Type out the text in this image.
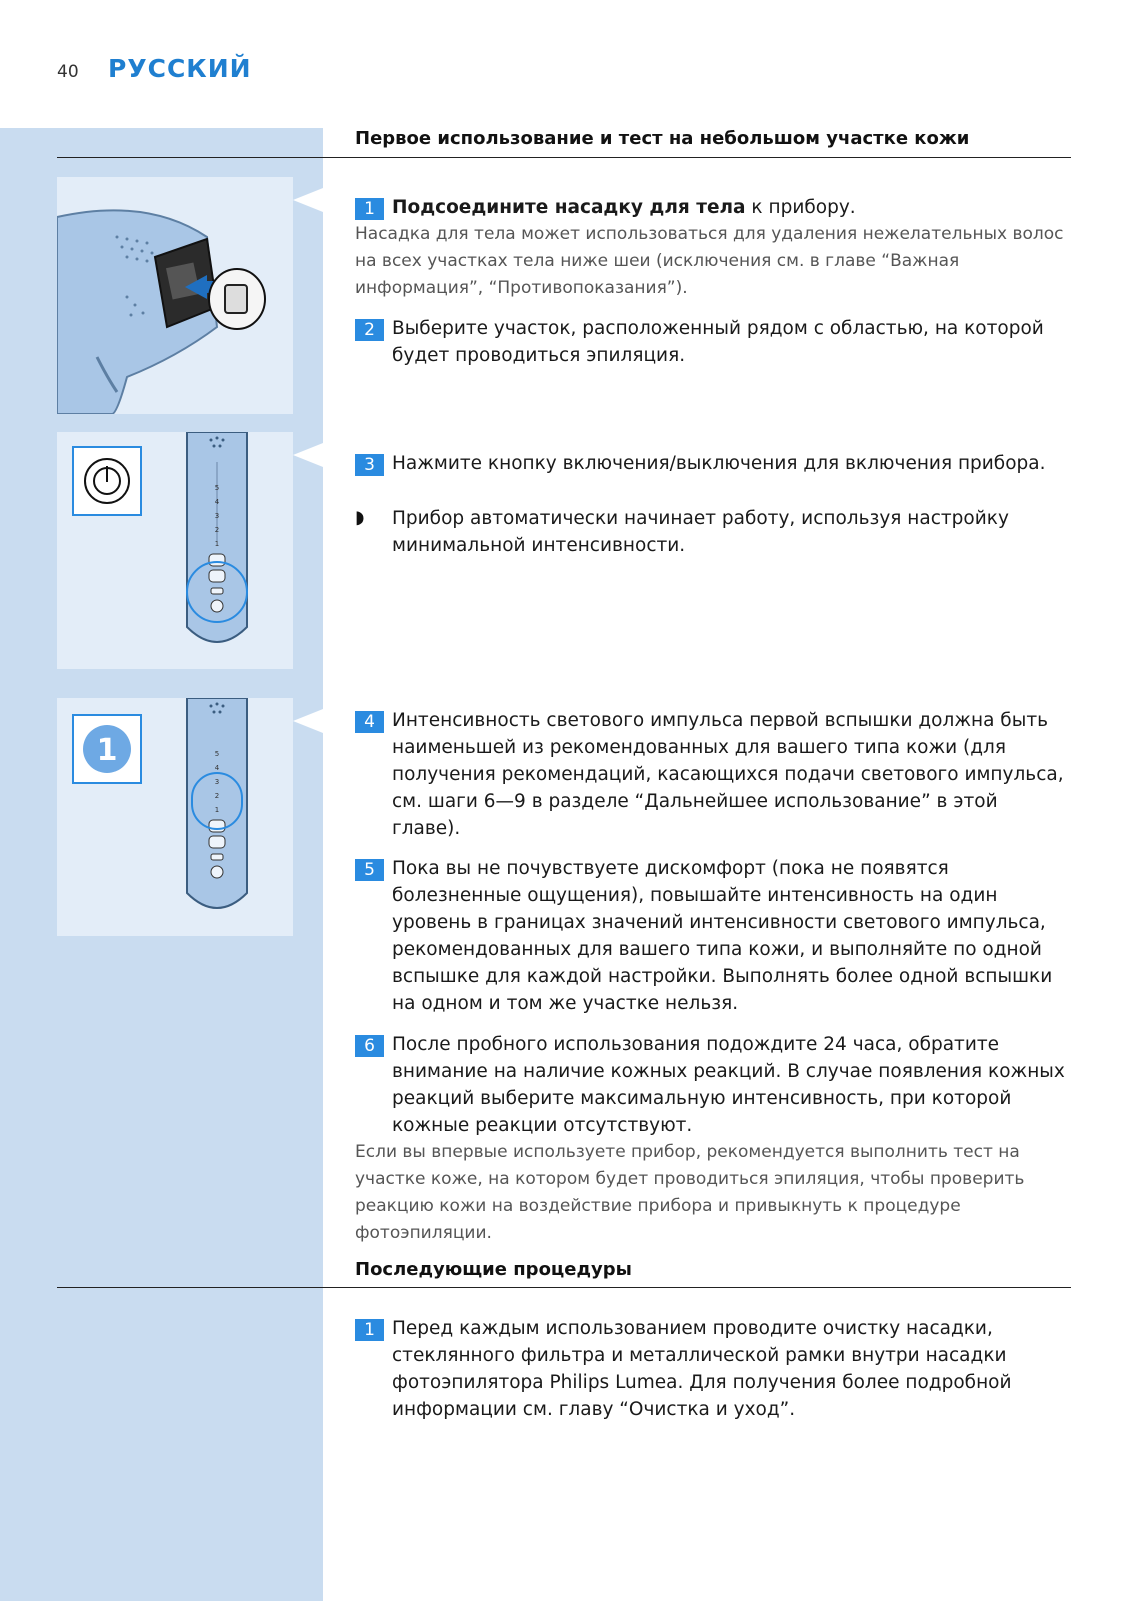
40 РУССКИЙ
5
4
3
2
1
1	5
4
3
2
1
Первое использование и тест на небольшом участке кожи
1 Подсоедините насадку для тела к прибору.
Насадка для тела может использоваться для удаления нежелательных волос на всех участках тела ниже шеи (исключения см. в главе “Важная информация”, “Противопоказания”).
2 Выберите участок, расположенный рядом с областью, на которой будет проводиться эпиляция.
3 Нажмите кнопку включения/выключения для включения прибора.
◗ Прибор автоматически начинает работу, используя настройку минимальной интенсивности.
4 Интенсивность светового импульса первой вспышки должна быть наименьшей из рекомендованных для вашего типа кожи (для получения рекомендаций, касающихся подачи светового импульса, см. шаги 6—9 в разделе “Дальнейшее использование” в этой главе).
5 Пока вы не почувствуете дискомфорт (пока не появятся болезненные ощущения), повышайте интенсивность на один уровень в границах значений интенсивности светового импульса, рекомендованных для вашего типа кожи, и выполняйте по одной вспышке для каждой настройки. Выполнять более одной вспышки на одном и том же участке нельзя.
6 После пробного использования подождите 24 часа, обратите внимание на наличие кожных реакций. В случае появления кожных реакций выберите максимальную интенсивность, при которой кожные реакции отсутствуют.
Если вы впервые используете прибор, рекомендуется выполнить тест на участке коже, на котором будет проводиться эпиляция, чтобы проверить реакцию кожи на воздействие прибора и привыкнуть к процедуре фотоэпиляции.
Последующие процедуры
1 Перед каждым использованием проводите очистку насадки, стеклянного фильтра и металлической рамки внутри насадки фотоэпилятора Philips Lumea. Для получения более подробной информации см. главу “Очистка и уход”.
